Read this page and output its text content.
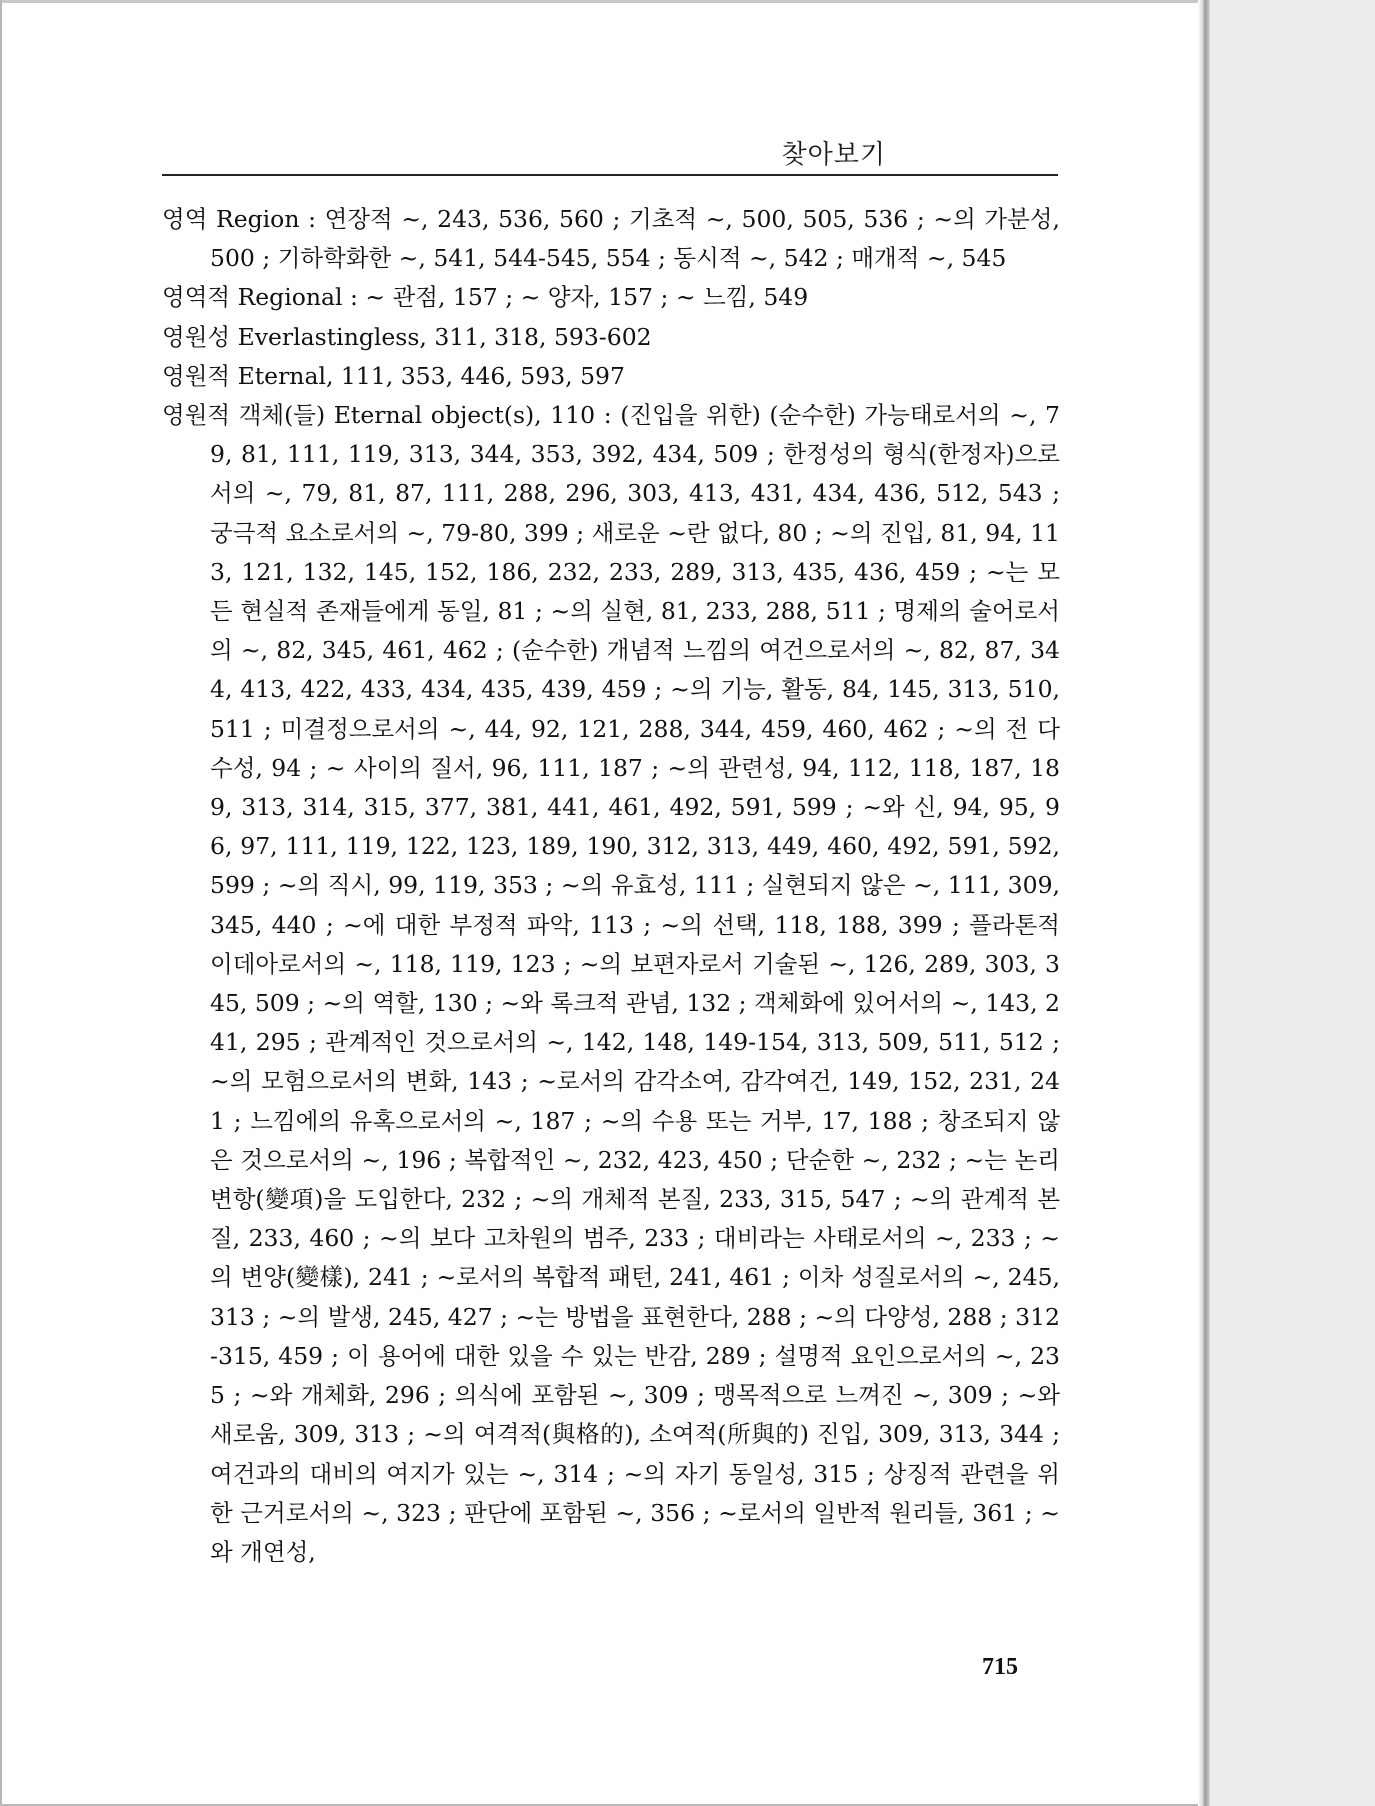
찾아보기

영역 Region : 연장적 ~, 243, 536, 560 ; 기초적 ~, 500, 505, 536 ; ~의 가분성, 500 ; 기하학화한 ~, 541, 544-545, 554 ; 동시적 ~, 542 ; 매개적 ~, 545

영역적 Regional : ~ 관점, 157 ; ~ 양자, 157 ; ~ 느낌, 549

영원성 Everlastingless, 311, 318, 593-602

영원적 Eternal, 111, 353, 446, 593, 597

영원적 객체(들) Eternal object(s), 110 : (진입을 위한) (순수한) 가능태로서의 ~, 79, 81, 111, 119, 313, 344, 353, 392, 434, 509 ; 한정성의 형식(한정자)으로서의 ~, 79, 81, 87, 111, 288, 296, 303, 413, 431, 434, 436, 512, 543 ; 궁극적 요소로서의 ~, 79-80, 399 ; 새로운 ~란 없다, 80 ; ~의 진입, 81, 94, 113, 121, 132, 145, 152, 186, 232, 233, 289, 313, 435, 436, 459 ; ~는 모든 현실적 존재들에게 동일, 81 ; ~의 실현, 81, 233, 288, 511 ; 명제의 술어로서의 ~, 82, 345, 461, 462 ; (순수한) 개념적 느낌의 여건으로서의 ~, 82, 87, 344, 413, 422, 433, 434, 435, 439, 459 ; ~의 기능, 활동, 84, 145, 313, 510, 511 ; 미결정으로서의 ~, 44, 92, 121, 288, 344, 459, 460, 462 ; ~의 전 다수성, 94 ; ~ 사이의 질서, 96, 111, 187 ; ~의 관련성, 94, 112, 118, 187, 189, 313, 314, 315, 377, 381, 441, 461, 492, 591, 599 ; ~와 신, 94, 95, 96, 97, 111, 119, 122, 123, 189, 190, 312, 313, 449, 460, 492, 591, 592, 599 ; ~의 직시, 99, 119, 353 ; ~의 유효성, 111 ; 실현되지 않은 ~, 111, 309, 345, 440 ; ~에 대한 부정적 파악, 113 ; ~의 선택, 118, 188, 399 ; 플라톤적 이데아로서의 ~, 118, 119, 123 ; ~의 보편자로서 기술된 ~, 126, 289, 303, 345, 509 ; ~의 역할, 130 ; ~와 록크적 관념, 132 ; 객체화에 있어서의 ~, 143, 241, 295 ; 관계적인 것으로서의 ~, 142, 148, 149-154, 313, 509, 511, 512 ; ~의 모험으로서의 변화, 143 ; ~로서의 감각소여, 감각여건, 149, 152, 231, 241 ; 느낌에의 유혹으로서의 ~, 187 ; ~의 수용 또는 거부, 17, 188 ; 창조되지 않은 것으로서의 ~, 196 ; 복합적인 ~, 232, 423, 450 ; 단순한 ~, 232 ; ~는 논리변항(變項)을 도입한다, 232 ; ~의 개체적 본질, 233, 315, 547 ; ~의 관계적 본질, 233, 460 ; ~의 보다 고차원의 범주, 233 ; 대비라는 사태로서의 ~, 233 ; ~의 변양(變樣), 241 ; ~로서의 복합적 패턴, 241, 461 ; 이차 성질로서의 ~, 245, 313 ; ~의 발생, 245, 427 ; ~는 방법을 표현한다, 288 ; ~의 다양성, 288 ; 312-315, 459 ; 이 용어에 대한 있을 수 있는 반감, 289 ; 설명적 요인으로서의 ~, 235 ; ~와 개체화, 296 ; 의식에 포함된 ~, 309 ; 맹목적으로 느껴진 ~, 309 ; ~와 새로움, 309, 313 ; ~의 여격적(與格的), 소여적(所與的) 진입, 309, 313, 344 ; 여건과의 대비의 여지가 있는 ~, 314 ; ~의 자기 동일성, 315 ; 상징적 관련을 위한 근거로서의 ~, 323 ; 판단에 포함된 ~, 356 ; ~로서의 일반적 원리들, 361 ; ~와 개연성,

715
